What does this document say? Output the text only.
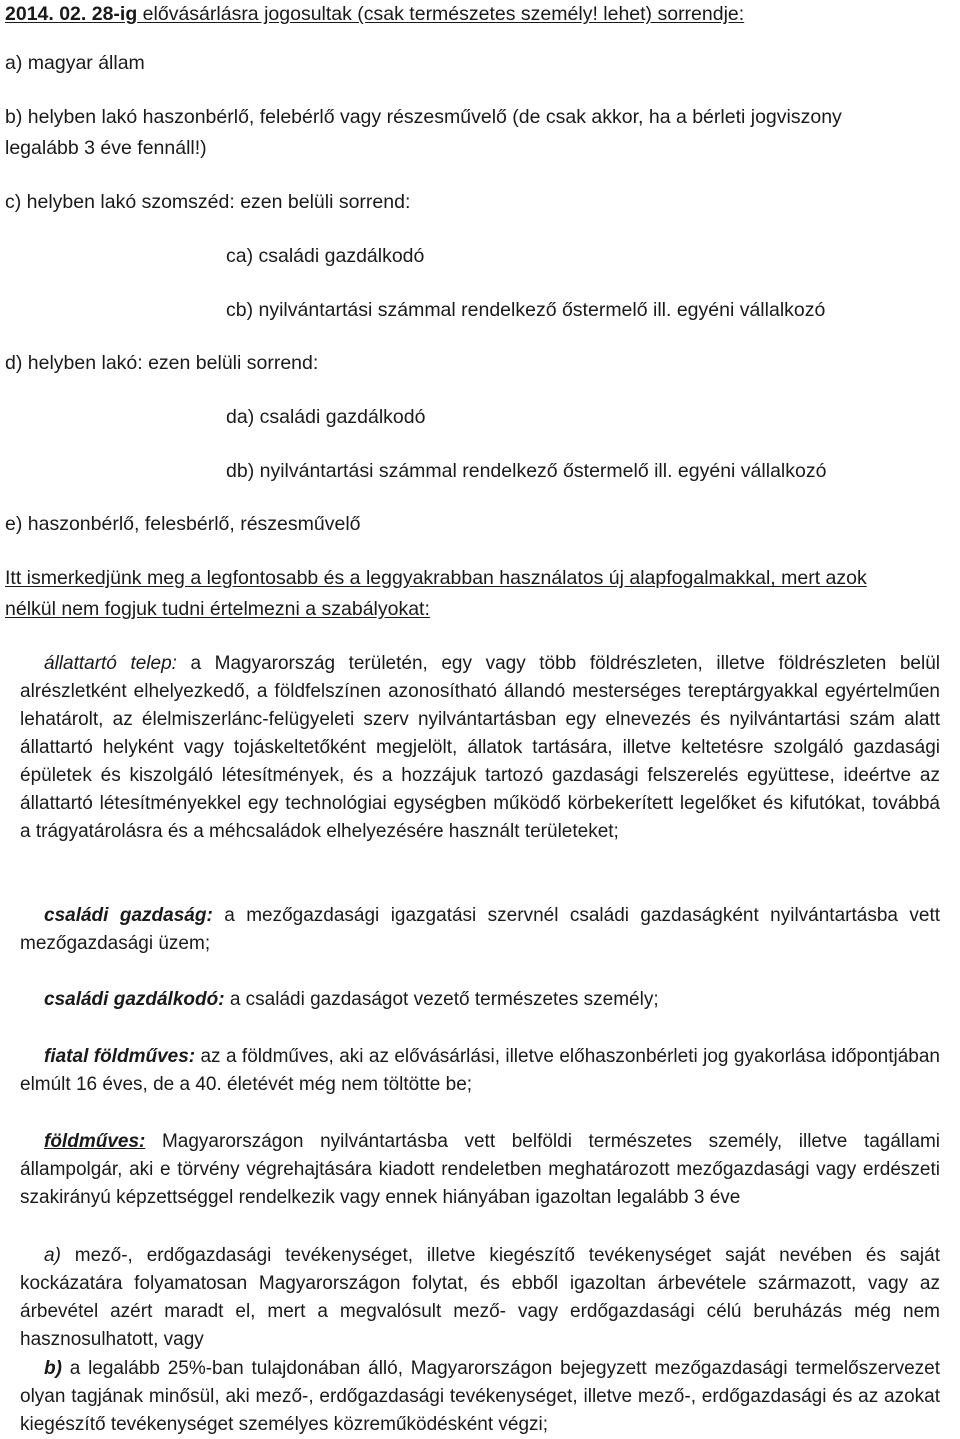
2014. 02. 28-ig elővásárlásra jogosultak (csak természetes személy! lehet) sorrendje:
a) magyar állam
b) helyben lakó haszonbérlő, felebérlő vagy részesművelő (de csak akkor, ha a bérleti jogviszony
legalább 3 éve fennáll!)
c) helyben lakó szomszéd: ezen belüli sorrend:
ca) családi gazdálkodó
cb) nyilvántartási számmal rendelkező őstermelő ill. egyéni vállalkozó
d) helyben lakó: ezen belüli sorrend:
da) családi gazdálkodó
db) nyilvántartási számmal rendelkező őstermelő ill. egyéni vállalkozó
e) haszonbérlő, felesbérlő, részesművelő
Itt ismerkedjünk meg a legfontosabb és a leggyakrabban használatos új alapfogalmakkal, mert azok
nélkül nem fogjuk tudni értelmezni a szabályokat:

állattartó telep: a Magyarország területén, egy vagy több földrészleten, illetve földrészleten belül alrészletként elhelyezkedő, a földfelszínen azonosítható állandó mesterséges tereptárgyakkal egyértelműen lehatárolt, az élelmiszerlánc-felügyeleti szerv nyilvántartásban egy elnevezés és nyilvántartási szám alatt állattartó helyként vagy tojáskeltetőként megjelölt, állatok tartására, illetve keltetésre szolgáló gazdasági épületek és kiszolgáló létesítmények, és a hozzájuk tartozó gazdasági felszerelés együttese, ideértve az állattartó létesítményekkel egy technológiai egységben működő körbekerített legelőket és kifutókat, továbbá a trágyatárolásra és a méhcsaládok elhelyezésére használt területeket;

családi gazdaság: a mezőgazdasági igazgatási szervnél családi gazdaságként nyilvántartásba vett mezőgazdasági üzem;

családi gazdálkodó: a családi gazdaságot vezető természetes személy;

fiatal földműves: az a földműves, aki az elővásárlási, illetve előhaszonbérleti jog gyakorlása időpontjában elmúlt 16 éves, de a 40. életévét még nem töltötte be;

földműves: Magyarországon nyilvántartásba vett belföldi természetes személy, illetve tagállami állampolgár, aki e törvény végrehajtására kiadott rendeletben meghatározott mezőgazdasági vagy erdészeti szakirányú képzettséggel rendelkezik vagy ennek hiányában igazoltan legalább 3 éve

a) mező-, erdőgazdasági tevékenységet, illetve kiegészítő tevékenységet saját nevében és saját kockázatára folyamatosan Magyarországon folytat, és ebből igazoltan árbevétele származott, vagy az árbevétel azért maradt el, mert a megvalósult mező- vagy erdőgazdasági célú beruházás még nem hasznosulhatott, vagy

b) a legalább 25%-ban tulajdonában álló, Magyarországon bejegyzett mezőgazdasági termelőszervezet olyan tagjának minősül, aki mező-, erdőgazdasági tevékenységet, illetve mező-, erdőgazdasági és az azokat kiegészítő tevékenységet személyes közreműködésként végzi;
